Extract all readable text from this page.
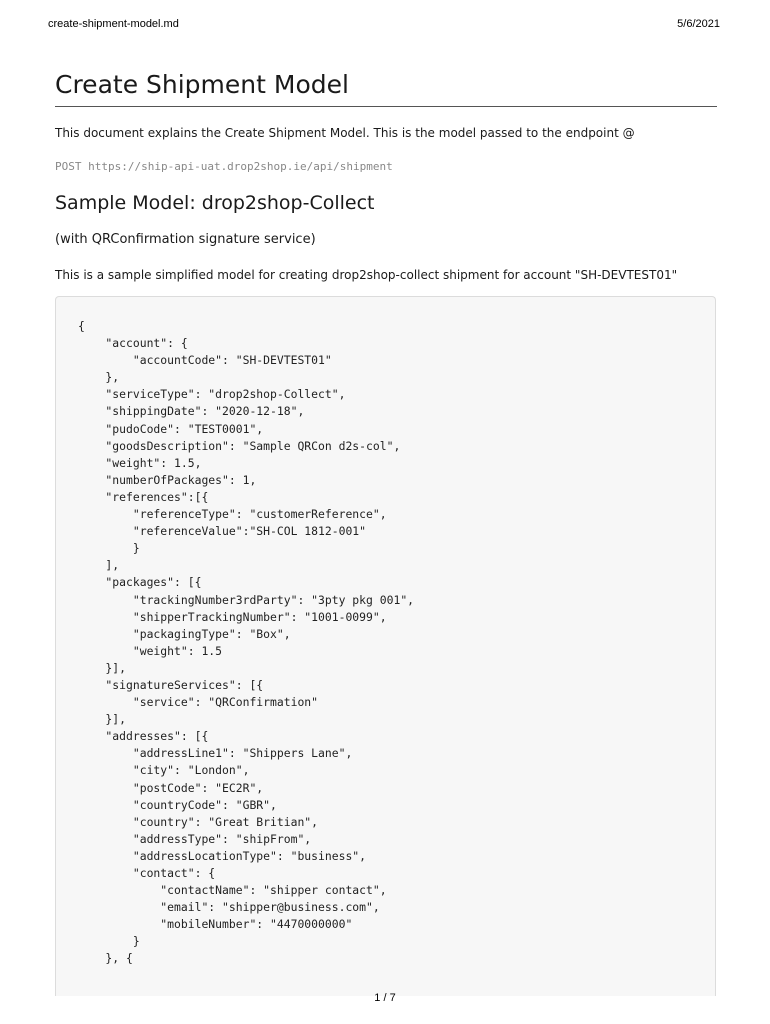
create-shipment-model.md	5/6/2021
Create Shipment Model
This document explains the Create Shipment Model. This is the model passed to the endpoint @
POST https://ship-api-uat.drop2shop.ie/api/shipment
Sample Model: drop2shop-Collect
(with QRConfirmation signature service)
This is a sample simplified model for creating drop2shop-collect shipment for account "SH-DEVTEST01"
{
"account": {
"accountCode": "SH-DEVTEST01"
},
"serviceType": "drop2shop-Collect",
"shippingDate": "2020-12-18",
"pudoCode": "TEST0001",
"goodsDescription": "Sample QRCon d2s-col",
"weight": 1.5,
"numberOfPackages": 1,
"references":[{
"referenceType": "customerReference",
"referenceValue":"SH-COL 1812-001"
}
],
"packages": [{
"trackingNumber3rdParty": "3pty pkg 001",
"shipperTrackingNumber": "1001-0099",
"packagingType": "Box",
"weight": 1.5
}],
"signatureServices": [{
"service": "QRConfirmation"
}],
"addresses": [{
"addressLine1": "Shippers Lane",
"city": "London",
"postCode": "EC2R",
"countryCode": "GBR",
"country": "Great Britian",
"addressType": "shipFrom",
"addressLocationType": "business",
"contact": {
"contactName": "shipper contact",
"email": "shipper@business.com",
"mobileNumber": "4470000000"
}
}, {

1 / 7
